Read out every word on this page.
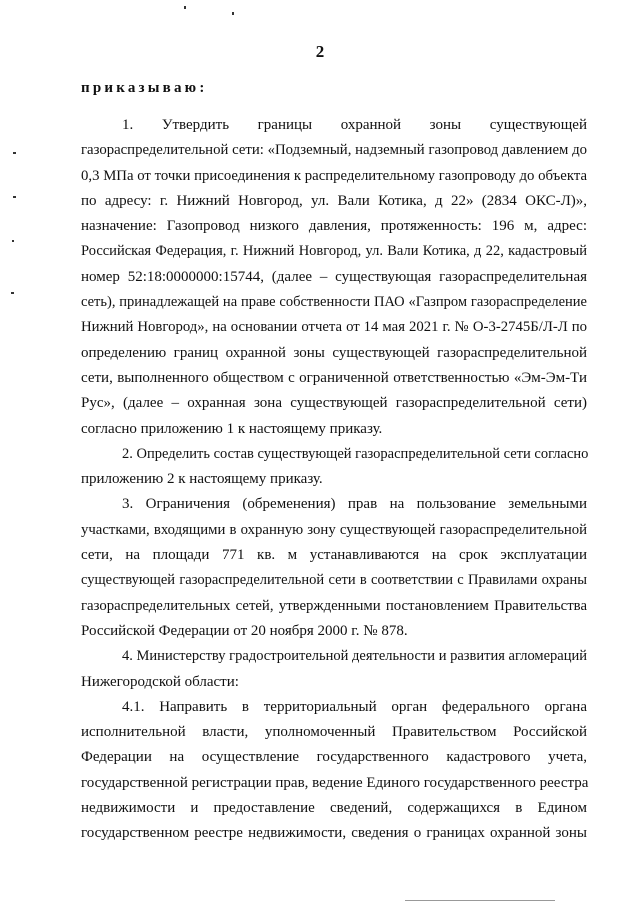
2
приказываю:
1. Утвердить границы охранной зоны существующей
газораспределительной сети: «Подземный, надземный газопровод давлением до
0,3 МПа от точки присоединения к распределительному газопроводу до объекта
по адресу: г. Нижний Новгород, ул. Вали Котика, д 22» (2834 ОКС-Л)»,
назначение: Газопровод низкого давления, протяженность: 196 м, адрес:
Российская Федерация, г. Нижний Новгород, ул. Вали Котика, д 22, кадастровый
номер 52:18:0000000:15744, (далее – существующая газораспределительная
сеть), принадлежащей на праве собственности ПАО «Газпром газораспределение
Нижний Новгород», на основании отчета от 14 мая 2021 г. № О-3-2745Б/Л-Л по
определению границ охранной зоны существующей газораспределительной
сети, выполненного обществом с ограниченной ответственностью «Эм-Эм-Ти
Рус», (далее – охранная зона существующей газораспределительной сети)
согласно приложению 1 к настоящему приказу.
2. Определить состав существующей газораспределительной сети согласно
приложению 2 к настоящему приказу.
3. Ограничения (обременения) прав на пользование земельными
участками, входящими в охранную зону существующей газораспределительной
сети, на площади 771 кв. м устанавливаются на срок эксплуатации
существующей газораспределительной сети в соответствии с Правилами охраны
газораспределительных сетей, утвержденными постановлением Правительства
Российской Федерации от 20 ноября 2000 г. № 878.
4. Министерству градостроительной деятельности и развития агломераций
Нижегородской области:
4.1. Направить в территориальный орган федерального органа
исполнительной власти, уполномоченный Правительством Российской
Федерации на осуществление государственного кадастрового учета,
государственной регистрации прав, ведение Единого государственного реестра
недвижимости и предоставление сведений, содержащихся в Едином
государственном реестре недвижимости, сведения о границах охранной зоны
